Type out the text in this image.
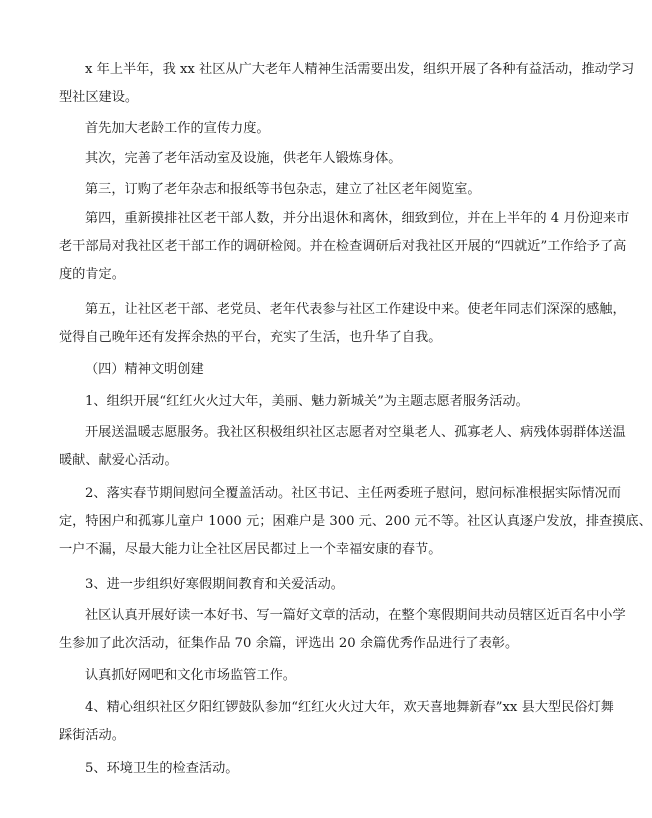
x 年上半年，我 xx 社区从广大老年人精神生活需要出发，组织开展了各种有益活动，推动学习
型社区建设。
首先加大老龄工作的宣传力度。
其次，完善了老年活动室及设施，供老年人锻炼身体。
第三，订购了老年杂志和报纸等书包杂志，建立了社区老年阅览室。
第四，重新摸排社区老干部人数，并分出退休和离休，细致到位，并在上半年的 4 月份迎来市
老干部局对我社区老干部工作的调研检阅。并在检查调研后对我社区开展的“四就近”工作给予了高
度的肯定。
第五，让社区老干部、老党员、老年代表参与社区工作建设中来。使老年同志们深深的感触，
觉得自己晚年还有发挥余热的平台，充实了生活，也升华了自我。
（四）精神文明创建
1、组织开展“红红火火过大年，美丽、魅力新城关”为主题志愿者服务活动。
开展送温暖志愿服务。我社区积极组织社区志愿者对空巢老人、孤寡老人、病残体弱群体送温
暖献、献爱心活动。
2、落实春节期间慰问全覆盖活动。社区书记、主任两委班子慰问，慰问标准根据实际情况而
定，特困户和孤寡儿童户 1000 元；困难户是 300 元、200 元不等。社区认真逐户发放，排查摸底、
一户不漏，尽最大能力让全社区居民都过上一个幸福安康的春节。
3、进一步组织好寒假期间教育和关爱活动。
社区认真开展好读一本好书、写一篇好文章的活动，在整个寒假期间共动员辖区近百名中小学
生参加了此次活动，征集作品 70 余篇，评选出 20 余篇优秀作品进行了表彰。
认真抓好网吧和文化市场监管工作。
4、精心组织社区夕阳红锣鼓队参加“红红火火过大年，欢天喜地舞新春”xx 县大型民俗灯舞
踩街活动。
5、环境卫生的检查活动。
